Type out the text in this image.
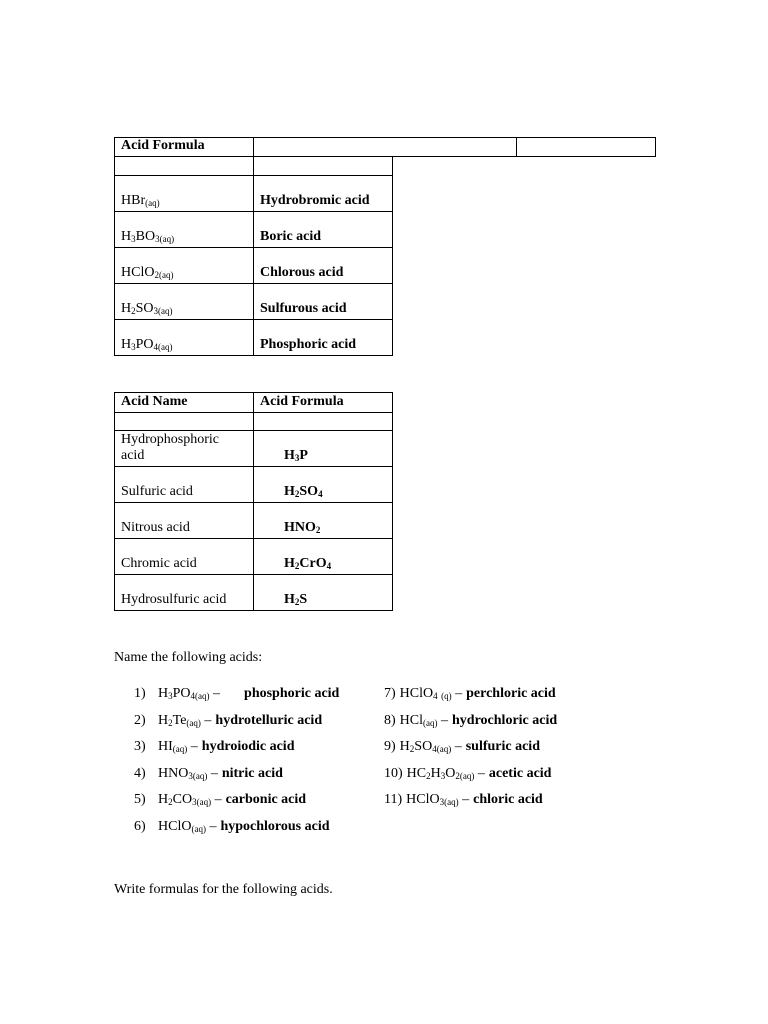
Acid Formula		

HBr$_{(aq)}$	Hydrobromic acid
$H_3BO_{3(aq)}$	Boric acid
HClO$_{2(aq)}$	Chlorous acid
$H_2SO_{3(aq)}$	Sulfurous acid
$H_3PO_{4(aq)}$	Phosphoric acid
Acid Name	Acid Formula

Hydrophosphoric acid	$H_3P$
Sulfuric acid	$H_2SO_4$
Nitrous acid	$HNO_2$
Chromic acid	$H_2CrO_4$
Hydrosulfuric acid	$H_2S$
Name the following acids:
1) $H_3PO_{4(aq)}$ – phosphoric acid
2) $H_2Te_{(aq)}$ – hydrotelluric acid
3) $HI_{(aq)}$ – hydroiodic acid
4) $HNO_{3(aq)}$ – nitric acid
5) $H_2CO_{3(aq)}$ – carbonic acid
6) HClO$_{(aq)}$ – hypochlorous acid
7) HClO$_4$ $_{(q)}$ – perchloric acid
8) HCl$_{(aq)}$ – hydrochloric acid
9) $H_2SO_{4(aq)}$ – sulfuric acid
10) $HC_2H_3O_{2(aq)}$ – acetic acid
11) HClO$_{3(aq)}$ – chloric acid
Write formulas for the following acids.
